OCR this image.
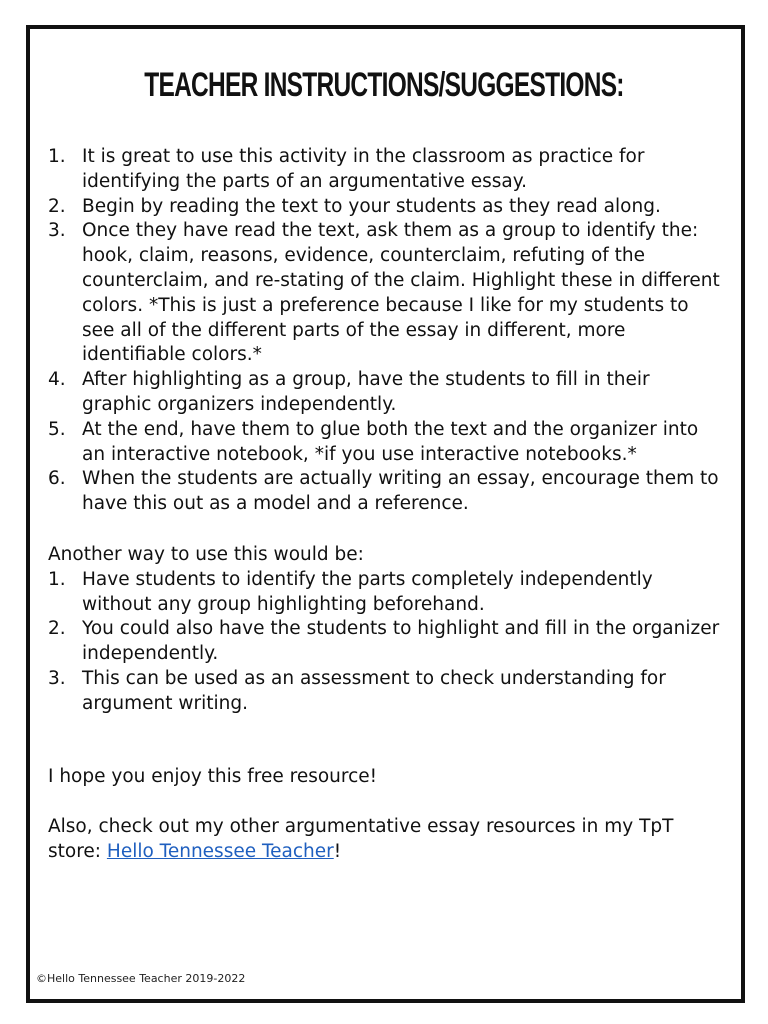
TEACHER INSTRUCTIONS/SUGGESTIONS:
1. It is great to use this activity in the classroom as practice for identifying the parts of an argumentative essay.
2. Begin by reading the text to your students as they read along.
3. Once they have read the text, ask them as a group to identify the: hook, claim, reasons, evidence, counterclaim, refuting of the counterclaim, and re-stating of the claim. Highlight these in different colors. *This is just a preference because I like for my students to see all of the different parts of the essay in different, more identifiable colors.*
4. After highlighting as a group, have the students to fill in their graphic organizers independently.
5. At the end, have them to glue both the text and the organizer into an interactive notebook, *if you use interactive notebooks.*
6. When the students are actually writing an essay, encourage them to have this out as a model and a reference.
Another way to use this would be:
1. Have students to identify the parts completely independently without any group highlighting beforehand.
2. You could also have the students to highlight and fill in the organizer independently.
3. This can be used as an assessment to check understanding for argument writing.
I hope you enjoy this free resource!
Also, check out my other argumentative essay resources in my TpT store: Hello Tennessee Teacher!
©Hello Tennessee Teacher 2019-2022
